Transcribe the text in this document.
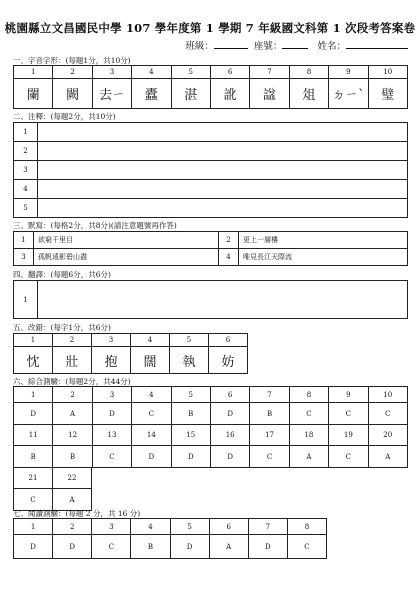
桃園縣立文昌國民中學 107 學年度第 1 學期 7 年級國文科第 1 次段考答案卷
班級：	座號：	姓名：
一、字音字形：(每題1分，共10分)
1	2	3	4	5	6	7	8	9	10
闌	闕	去ㄧ	蠹	湛	訛	諡	俎	ㄉㄧˋ	璧
二、注釋：(每題2分，共10分)
1	
2	
3	
4	
5	
三、默寫：(每格2分，共8分)(請注意題號再作答)
1	欲窮千里目	2	更上一層樓
3	孤帆遠影碧山盡	4	唯見長江天際流
四、翻譯：(每題6分，共6分)
1	
五、改錯：(每字1分，共6分)
1	2	3	4	5	6
忱	壯	抱	闊	執	妨
六、綜合測驗：(每題2分，共44分)
1	2	3	4	5	6	7	8	9	10
D	A	D	C	B	D	B	C	C	C
11	12	13	14	15	16	17	18	19	20
B	B	C	D	D	D	C	A	C	A
21	22
C	A
七、閱讀測驗：(每題 2 分，共 16 分)
1	2	3	4	5	6	7	8
D	D	C	B	D	A	D	C
